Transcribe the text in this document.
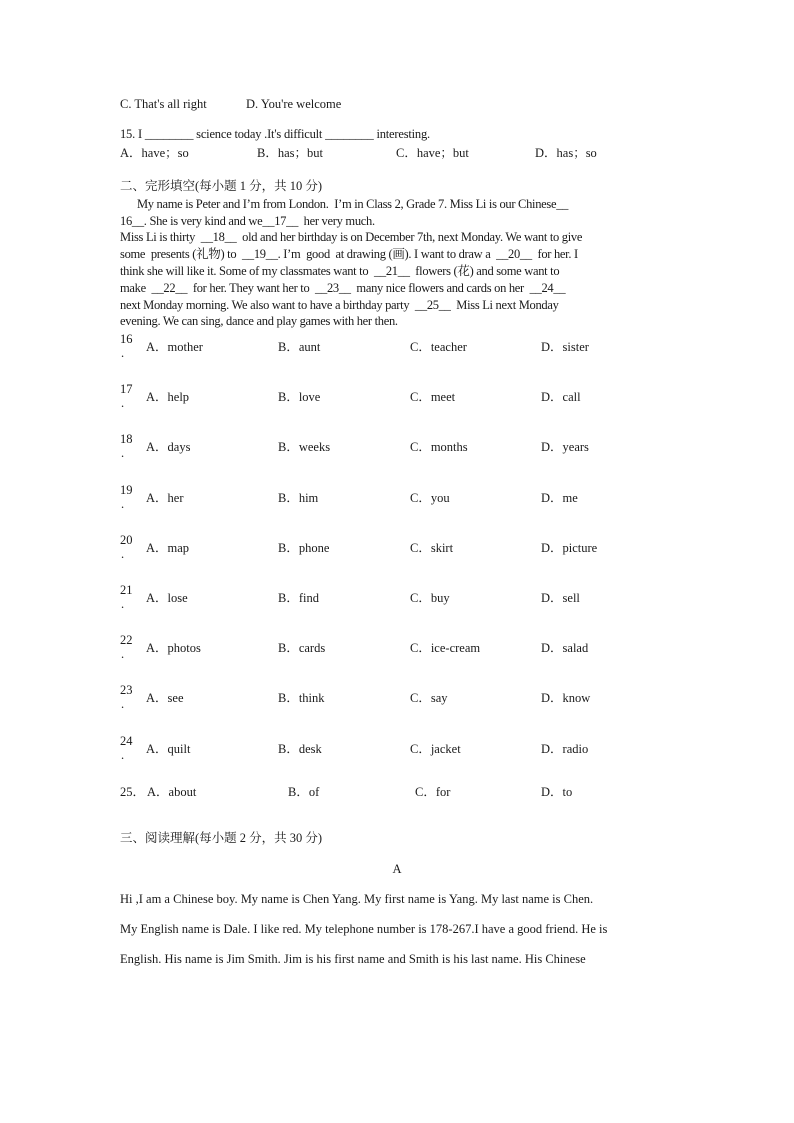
C. That's all right	D. You're welcome
15. I ________ science today .It's difficult ________ interesting.
A．have；so	B．has；but	C．have；but	D．has；so
二、完形填空(每小题 1 分，共 10 分)
My name is Peter and I’m from London.  I’m in Class 2, Grade 7. Miss Li is our Chinese__
16__. She is very kind and we__17__  her very much.
Miss Li is thirty  __18__  old and her birthday is on December 7th, next Monday. We want to give
some  presents (礼物) to  __19__. I’m  good  at drawing (画). I want to draw a  __20__  for her. I
think she will like it. Some of my classmates want to  __21__  flowers (花) and some want to
make  __22__  for her. They want her to  __23__  many nice flowers and cards on her  __24__
next Monday morning. We also want to have a birthday party  __25__  Miss Li next Monday
evening. We can sing, dance and play games with her then.
16
. A．mother	B．aunt	C．teacher	D．sister
17
. A．help	B．love	C．meet	D．call
18
. A．days	B．weeks	C．months	D．years
19
. A．her	B．him	C．you	D．me
20
. A．map	B．phone	C．skirt	D．picture
21
. A．lose	B．find	C．buy	D．sell
22
. A．photos	B．cards	C．ice-cream	D．salad
23
. A．see	B．think	C．say	D．know
24
. A．quilt	B．desk	C．jacket	D．radio
25． A．about	B．of	C．for	D．to
三、阅读理解(每小题 2 分，共 30 分)
A
Hi ,I am a Chinese boy. My name is Chen Yang. My first name is Yang. My last name is Chen.
My English name is Dale. I like red. My telephone number is 178-267.I have a good friend. He is
English. His name is Jim Smith. Jim is his first name and Smith is his last name. His Chinese
